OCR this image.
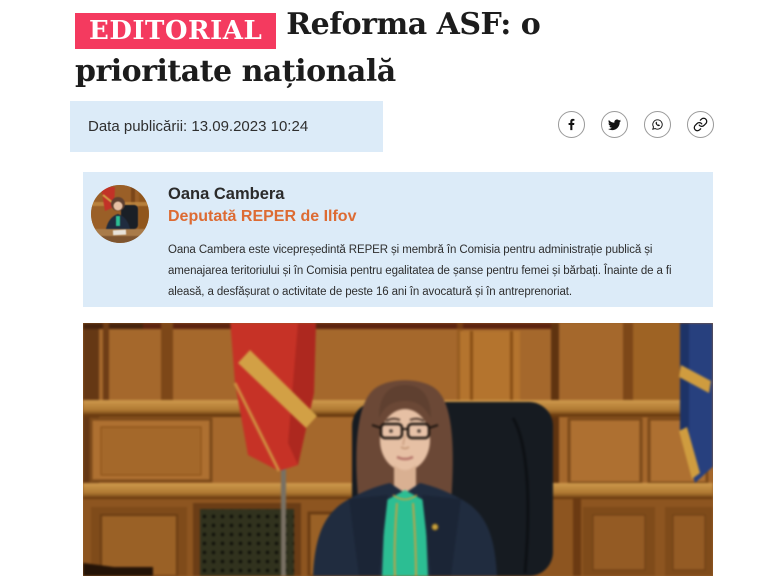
EDITORIAL Reforma ASF: o prioritate națională
Data publicării: 13.09.2023 10:24
Oana Cambera
Deputată REPER de Ilfov

Oana Cambera este vicepreședintă REPER și membră în Comisia pentru administrație publică și amenajarea teritoriului și în Comisia pentru egalitatea de șanse pentru femei și bărbați. Înainte de a fi aleasă, a desfășurat o activitate de peste 16 ani în avocatură și în antreprenoriat.
